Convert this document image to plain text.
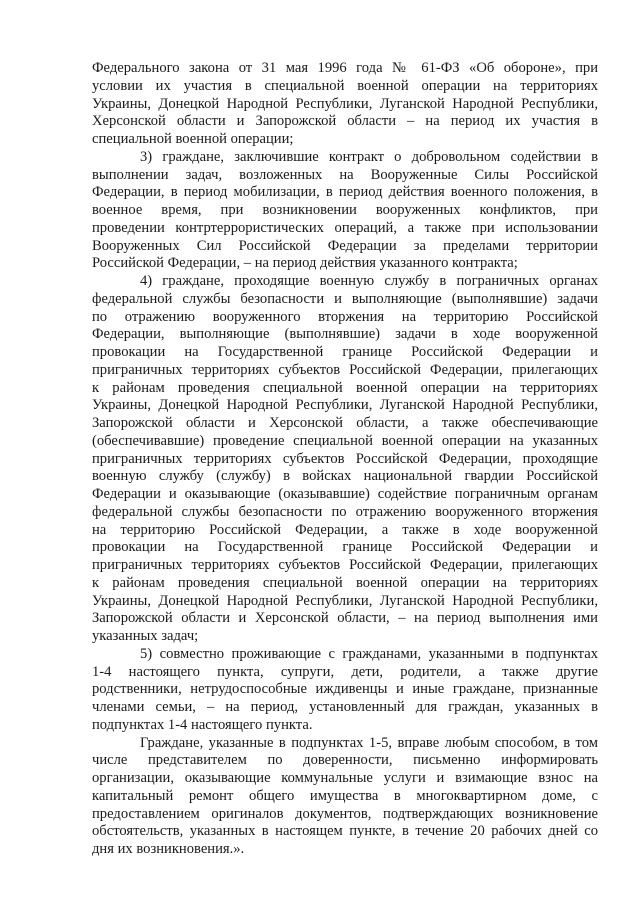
Федерального закона от 31 мая 1996 года № 61-ФЗ «Об обороне», при
условии их участия в специальной военной операции на территориях
Украины, Донецкой Народной Республики, Луганской Народной Республики,
Херсонской области и Запорожской области – на период их участия в
специальной военной операции;
3) граждане, заключившие контракт о добровольном содействии в
выполнении задач, возложенных на Вооруженные Силы Российской
Федерации, в период мобилизации, в период действия военного положения, в
военное время, при возникновении вооруженных конфликтов, при
проведении контртеррористических операций, а также при использовании
Вооруженных Сил Российской Федерации за пределами территории
Российской Федерации, – на период действия указанного контракта;
4) граждане, проходящие военную службу в пограничных органах
федеральной службы безопасности и выполняющие (выполнявшие) задачи
по отражению вооруженного вторжения на территорию Российской
Федерации, выполняющие (выполнявшие) задачи в ходе вооруженной
провокации на Государственной границе Российской Федерации и
приграничных территориях субъектов Российской Федерации, прилегающих
к районам проведения специальной военной операции на территориях
Украины, Донецкой Народной Республики, Луганской Народной Республики,
Запорожской области и Херсонской области, а также обеспечивающие
(обеспечивавшие) проведение специальной военной операции на указанных
приграничных территориях субъектов Российской Федерации, проходящие
военную службу (службу) в войсках национальной гвардии Российской
Федерации и оказывающие (оказывавшие) содействие пограничным органам
федеральной службы безопасности по отражению вооруженного вторжения
на территорию Российской Федерации, а также в ходе вооруженной
провокации на Государственной границе Российской Федерации и
приграничных территориях субъектов Российской Федерации, прилегающих
к районам проведения специальной военной операции на территориях
Украины, Донецкой Народной Республики, Луганской Народной Республики,
Запорожской области и Херсонской области, – на период выполнения ими
указанных задач;
5) совместно проживающие с гражданами, указанными в подпунктах
1-4 настоящего пункта, супруги, дети, родители, а также другие
родственники, нетрудоспособные иждивенцы и иные граждане, признанные
членами семьи, – на период, установленный для граждан, указанных в
подпунктах 1-4 настоящего пункта.
Граждане, указанные в подпунктах 1-5, вправе любым способом, в том
числе представителем по доверенности, письменно информировать
организации, оказывающие коммунальные услуги и взимающие взнос на
капитальный ремонт общего имущества в многоквартирном доме, с
предоставлением оригиналов документов, подтверждающих возникновение
обстоятельств, указанных в настоящем пункте, в течение 20 рабочих дней со
дня их возникновения.».
